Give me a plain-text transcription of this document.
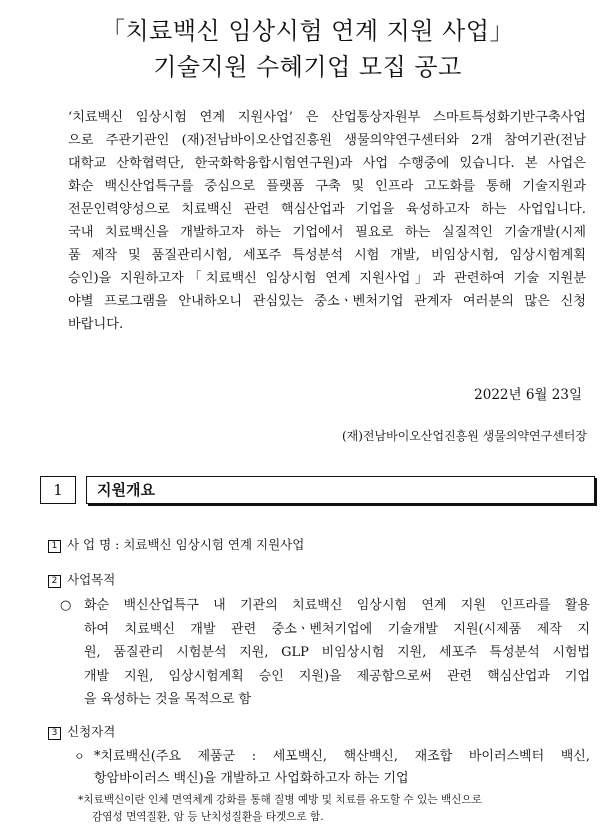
「치료백신 임상시험 연계 지원 사업」
기술지원 수혜기업 모집 공고
‘치료백신 임상시험 연계 지원사업’ 은 산업통상자원부 스마트특성화기반구축사업
으로 주관기관인 (재)전남바이오산업진흥원 생물의약연구센터와 2개 참여기관(전남
대학교 산학협력단, 한국화학융합시험연구원)과 사업 수행중에 있습니다. 본 사업은
화순 백신산업특구를 중심으로 플랫폼 구축 및 인프라 고도화를 통해 기술지원과
전문인력양성으로 치료백신 관련 핵심산업과 기업을 육성하고자 하는 사업입니다.
국내 치료백신을 개발하고자 하는 기업에서 필요로 하는 실질적인 기술개발(시제
품 제작 및 품질관리시험, 세포주 특성분석 시험 개발, 비임상시험, 임상시험계획
승인)을 지원하고자「치료백신 임상시험 연계 지원사업」과 관련하여 기술 지원분
야별 프로그램을 안내하오니 관심있는 중소ㆍ벤처기업 관계자 여러분의 많은 신청
바랍니다.
2022년 6월 23일
(재)전남바이오산업진흥원 생물의약연구센터장
1	지원개요
1 사 업 명 : 치료백신 임상시험 연계 지원사업
2 사업목적
○ 화순 백신산업특구 내 기관의 치료백신 임상시험 연계 지원 인프라를 활용
하여 치료백신 개발 관련 중소ㆍ벤처기업에 기술개발 지원(시제품 제작 지
원, 품질관리 시험분석 지원, GLP 비임상시험 지원, 세포주 특성분석 시험법
개발 지원, 임상시험계획 승인 지원)을 제공함으로써 관련 핵심산업과 기업
을 육성하는 것을 목적으로 함
3 신청자격
ㅇ *치료백신(주요 제품군 : 세포백신, 핵산백신, 재조합 바이러스벡터 백신,
항암바이러스 백신)을 개발하고 사업화하고자 하는 기업
*치료백신이란 인체 면역체계 강화를 통해 질병 예방 및 치료를 유도할 수 있는 백신으로
감염성 면역질환, 암 등 난치성질환을 타겟으로 함.
